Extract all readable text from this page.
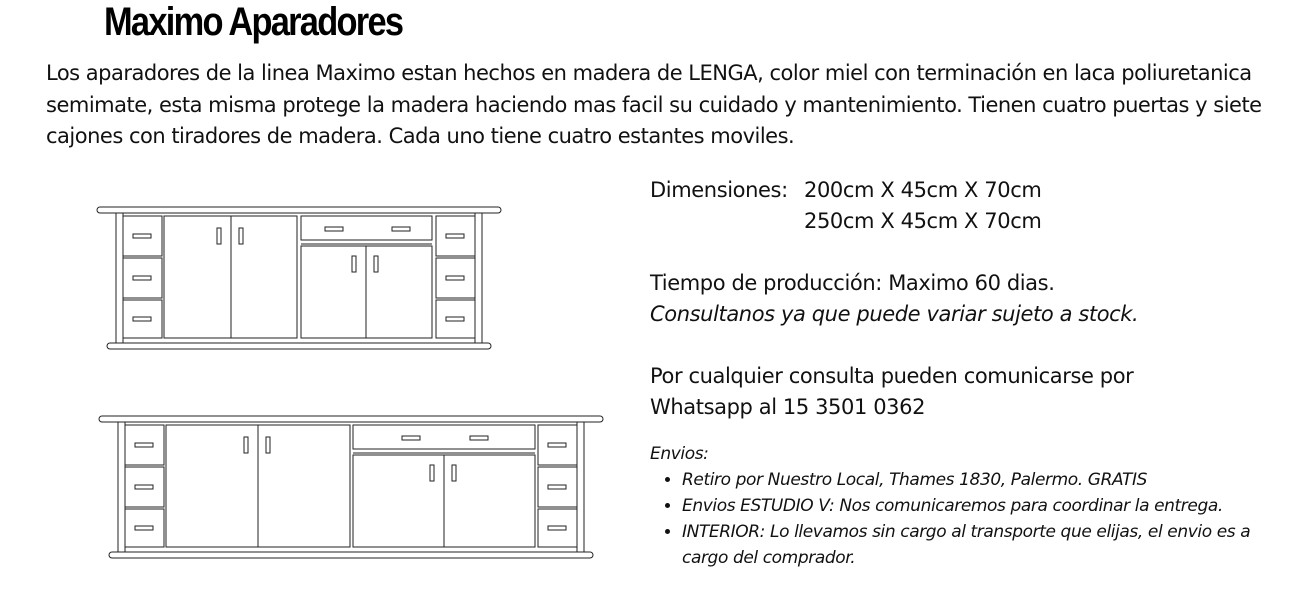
Maximo Aparadores

Los aparadores de la linea Maximo estan hechos en madera de LENGA, color miel con terminación en laca poliuretanica semimate, esta misma protege la madera haciendo mas facil su cuidado y mantenimiento. Tienen cuatro puertas y siete cajones con tiradores de madera. Cada uno tiene cuatro estantes moviles.

Dimensiones: 200cm X 45cm X 70cm
250cm X 45cm X 70cm

Tiempo de producción: Maximo 60 dias.

Consultanos ya que puede variar sujeto a stock.

Por cualquier consulta pueden comunicarse por

Whatsapp al 15 3501 0362

Envios:
• Retiro por Nuestro Local, Thames 1830, Palermo. GRATIS
• Envios ESTUDIO V: Nos comunicaremos para coordinar la entrega.
• INTERIOR: Lo llevamos sin cargo al transporte que elijas, el envio es a cargo del comprador.
